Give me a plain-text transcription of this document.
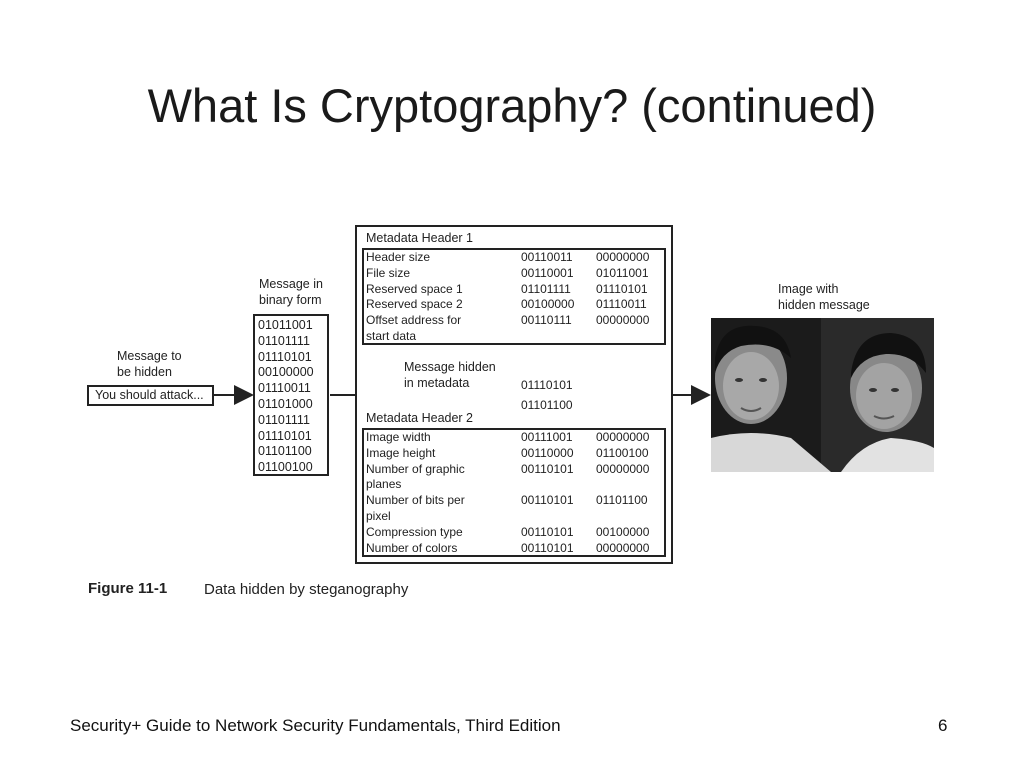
What Is Cryptography? (continued)
Message to
be hidden
You should attack...
Message in
binary form
01011001
01101111
01110101
00100000
01110011
01101000
01101111
01110101
01101100
01100100
Metadata Header 1
Header size	00110011 00000000
File size	00110001 01011001
Reserved space 1	01101111 01110101
Reserved space 2	00100000 01110011
Offset address for	00110111 00000000
start data
Message hidden
in metadata	01110101
01101100
Metadata Header 2
Image width	00111001 00000000
Image height	00110000 01100100
Number of graphic	00110101 00000000
planes
Number of bits per	00110101 01101100
pixel
Compression type	00110101 00100000
Number of colors	00110101 00000000
Image with
hidden message
Figure 11-1 Data hidden by steganography
Security+ Guide to Network Security Fundamentals, Third Edition	6
